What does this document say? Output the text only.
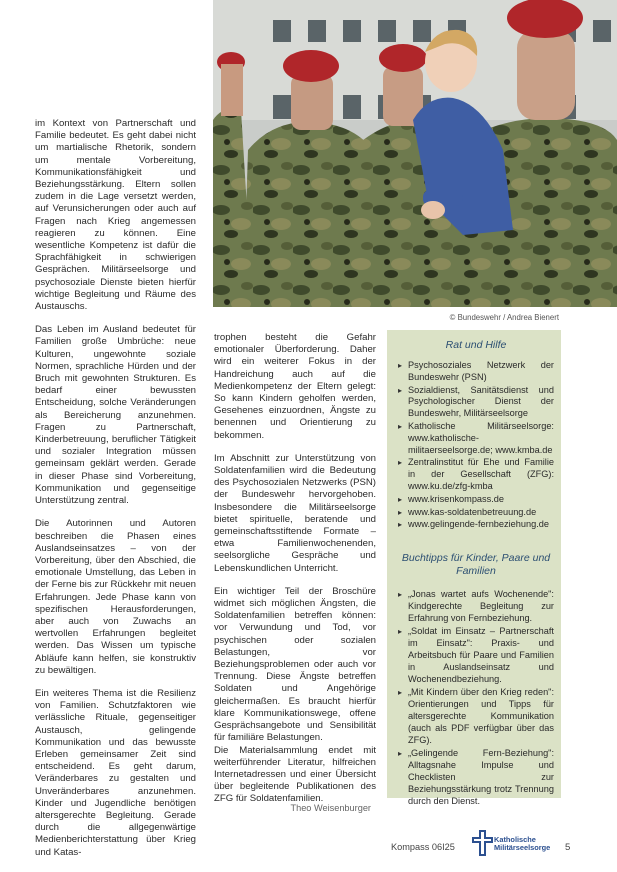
© Bundeswehr / Andrea Bienert

im Kontext von Partnerschaft und Familie bedeutet. Es geht dabei nicht um martialische Rhetorik, sondern um mentale Vorbereitung, Kommunikationsfähigkeit und Beziehungsstärkung. Eltern sollen zudem in die Lage versetzt werden, auf Verunsicherungen oder auch auf Fragen nach Krieg angemessen reagieren zu können. Eine wesentliche Kompetenz ist dafür die Sprachfähigkeit in schwierigen Gesprächen. Militärseelsorge und psychosoziale Dienste bieten hierfür wichtige Begleitung und Räume des Austauschs.

Das Leben im Ausland bedeutet für Familien große Umbrüche: neue Kulturen, ungewohnte soziale Normen, sprachliche Hürden und der Bruch mit gewohnten Strukturen. Es bedarf einer bewussten Entscheidung, solche Veränderungen als Bereicherung anzunehmen. Fragen zu Partnerschaft, Kinderbetreuung, beruflicher Tätigkeit und sozialer Integration müssen gemeinsam geklärt werden. Gerade in dieser Phase sind Vorbereitung, Kommunikation und gegenseitige Unterstützung zentral.

Die Autorinnen und Autoren beschreiben die Phasen eines Auslandseinsatzes – von der Vorbereitung, über den Abschied, die emotionale Umstellung, das Leben in der Ferne bis zur Rückkehr mit neuen Erfahrungen. Jede Phase kann von spezifischen Herausforderungen, aber auch von Zuwachs an wertvollen Erfahrungen begleitet werden. Das Wissen um typische Abläufe kann helfen, sie konstruktiv zu bewältigen.

Ein weiteres Thema ist die Resilienz von Familien. Schutzfaktoren wie verlässliche Rituale, gegenseitiger Austausch, gelingende Kommunikation und das bewusste Erleben gemeinsamer Zeit sind entscheidend. Es geht darum, Veränderbares zu gestalten und Unveränderbares anzunehmen. Kinder und Jugendliche benötigen altersgerechte Begleitung. Gerade durch die allgegenwärtige Medienberichterstattung über Krieg und Katas-

trophen besteht die Gefahr emotionaler Überforderung. Daher wird ein weiterer Fokus in der Handreichung auch auf die Medienkompetenz der Eltern gelegt: So kann Kindern geholfen werden, Gesehenes einzuordnen, Ängste zu benennen und Orientierung zu bekommen.

Im Abschnitt zur Unterstützung von Soldatenfamilien wird die Bedeutung des Psychosozialen Netzwerks (PSN) der Bundeswehr hervorgehoben. Insbesondere die Militärseelsorge bietet spirituelle, beratende und gemeinschaftsstiftende Formate – etwa Familienwochenenden, seelsorgliche Gespräche und Lebenskundlichen Unterricht.

Ein wichtiger Teil der Broschüre widmet sich möglichen Ängsten, die Soldatenfamilien betreffen können: vor Verwundung und Tod, vor psychischen oder sozialen Belastungen, vor Beziehungsproblemen oder auch vor Trennung. Diese Ängste betreffen Soldaten und Angehörige gleichermaßen. Es braucht hierfür klare Kommunikationswege, offene Gesprächsangebote und Sensibilität für familiäre Belastungen.

Die Materialsammlung endet mit weiterführender Literatur, hilfreichen Internetadressen und einer Übersicht über begleitende Publikationen des ZFG für Soldatenfamilien.

Theo Weisenburger

Rat und Hilfe

▸ Psychosoziales Netzwerk der Bundeswehr (PSN)
▸ Sozialdienst, Sanitätsdienst und Psychologischer Dienst der Bundeswehr, Militärseelsorge
▸ Katholische Militärseelsorge: www.katholische-militaerseelsorge.de; www.kmba.de
▸ Zentralinstitut für Ehe und Familie in der Gesellschaft (ZFG): www.ku.de/zfg-kmba
▸ www.krisenkompass.de
▸ www.kas-soldatenbetreuung.de
▸ www.gelingende-fernbeziehung.de

Buchtipps für Kinder, Paare und Familien

▸ „Jonas wartet aufs Wochenende": Kindgerechte Begleitung zur Erfahrung von Fernbeziehung.
▸ „Soldat im Einsatz – Partnerschaft im Einsatz": Praxis- und Arbeitsbuch für Paare und Familien in Auslandseinsatz und Wochenendbeziehung.
▸ „Mit Kindern über den Krieg reden": Orientierungen und Tipps für altersgerechte Kommunikation (auch als PDF verfügbar über das ZFG).
▸ „Gelingende Fern-Beziehung": Alltagsnahe Impulse und Checklisten zur Beziehungsstärkung trotz Trennung durch den Dienst.
Kompass 06I25
Katholische
Militärseelsorge 5
